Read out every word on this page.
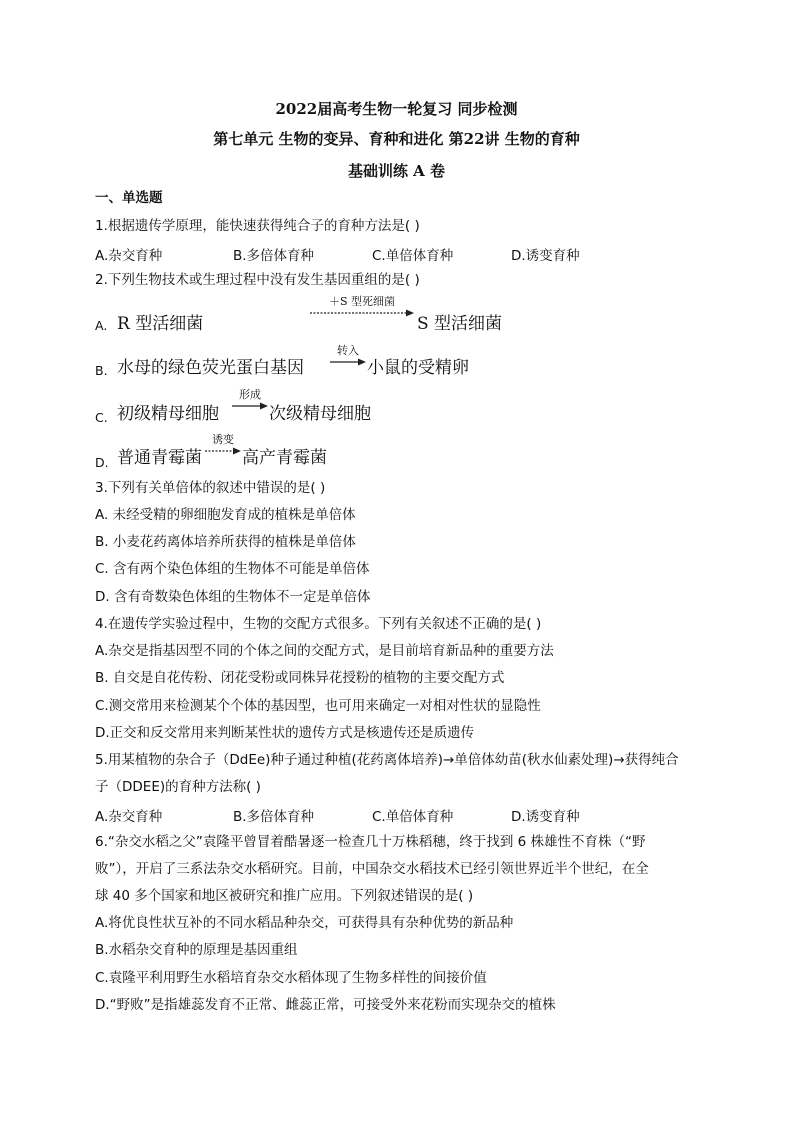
2022届高考生物一轮复习 同步检测
第七单元 生物的变异、育种和进化 第22讲 生物的育种
基础训练 A 卷
一、单选题
1.根据遗传学原理，能快速获得纯合子的育种方法是( )
A.杂交育种	B.多倍体育种	C.单倍体育种	D.诱变育种
2.下列生物技术或生理过程中没有发生基因重组的是( )
A. R 型活细菌
＋S 型死细菌
S 型活细菌
B. 水母的绿色荧光蛋白基因
转入
小鼠的受精卵
C. 初级精母细胞
形成
次级精母细胞
D. 普通青霉菌
诱变
高产青霉菌
3.下列有关单倍体的叙述中错误的是( )
A. 未经受精的卵细胞发育成的植株是单倍体
B. 小麦花药离体培养所获得的植株是单倍体
C. 含有两个染色体组的生物体不可能是单倍体
D. 含有奇数染色体组的生物体不一定是单倍体
4.在遗传学实验过程中，生物的交配方式很多。下列有关叙述不正确的是( )
A.杂交是指基因型不同的个体之间的交配方式，是目前培育新品种的重要方法
B. 自交是自花传粉、闭花受粉或同株异花授粉的植物的主要交配方式
C.测交常用来检测某个个体的基因型，也可用来确定一对相对性状的显隐性
D.正交和反交常用来判断某性状的遗传方式是核遗传还是质遗传
5.用某植物的杂合子（DdEe)种子通过种植(花药离体培养)→单倍体幼苗(秋水仙素处理)→获得纯合
子（DDEE)的育种方法称( )
A.杂交育种	B.多倍体育种	C.单倍体育种	D.诱变育种
6.“杂交水稻之父”袁隆平曾冒着酷暑逐一检查几十万株稻穗，终于找到 6 株雄性不育株（“野
败”），开启了三系法杂交水稻研究。目前，中国杂交水稻技术已经引领世界近半个世纪，在全
球 40 多个国家和地区被研究和推广应用。下列叙述错误的是( )
A.将优良性状互补的不同水稻品种杂交，可获得具有杂种优势的新品种
B.水稻杂交育种的原理是基因重组
C.袁隆平利用野生水稻培育杂交水稻体现了生物多样性的间接价值
D.“野败”是指雄蕊发育不正常、雌蕊正常，可接受外来花粉而实现杂交的植株
